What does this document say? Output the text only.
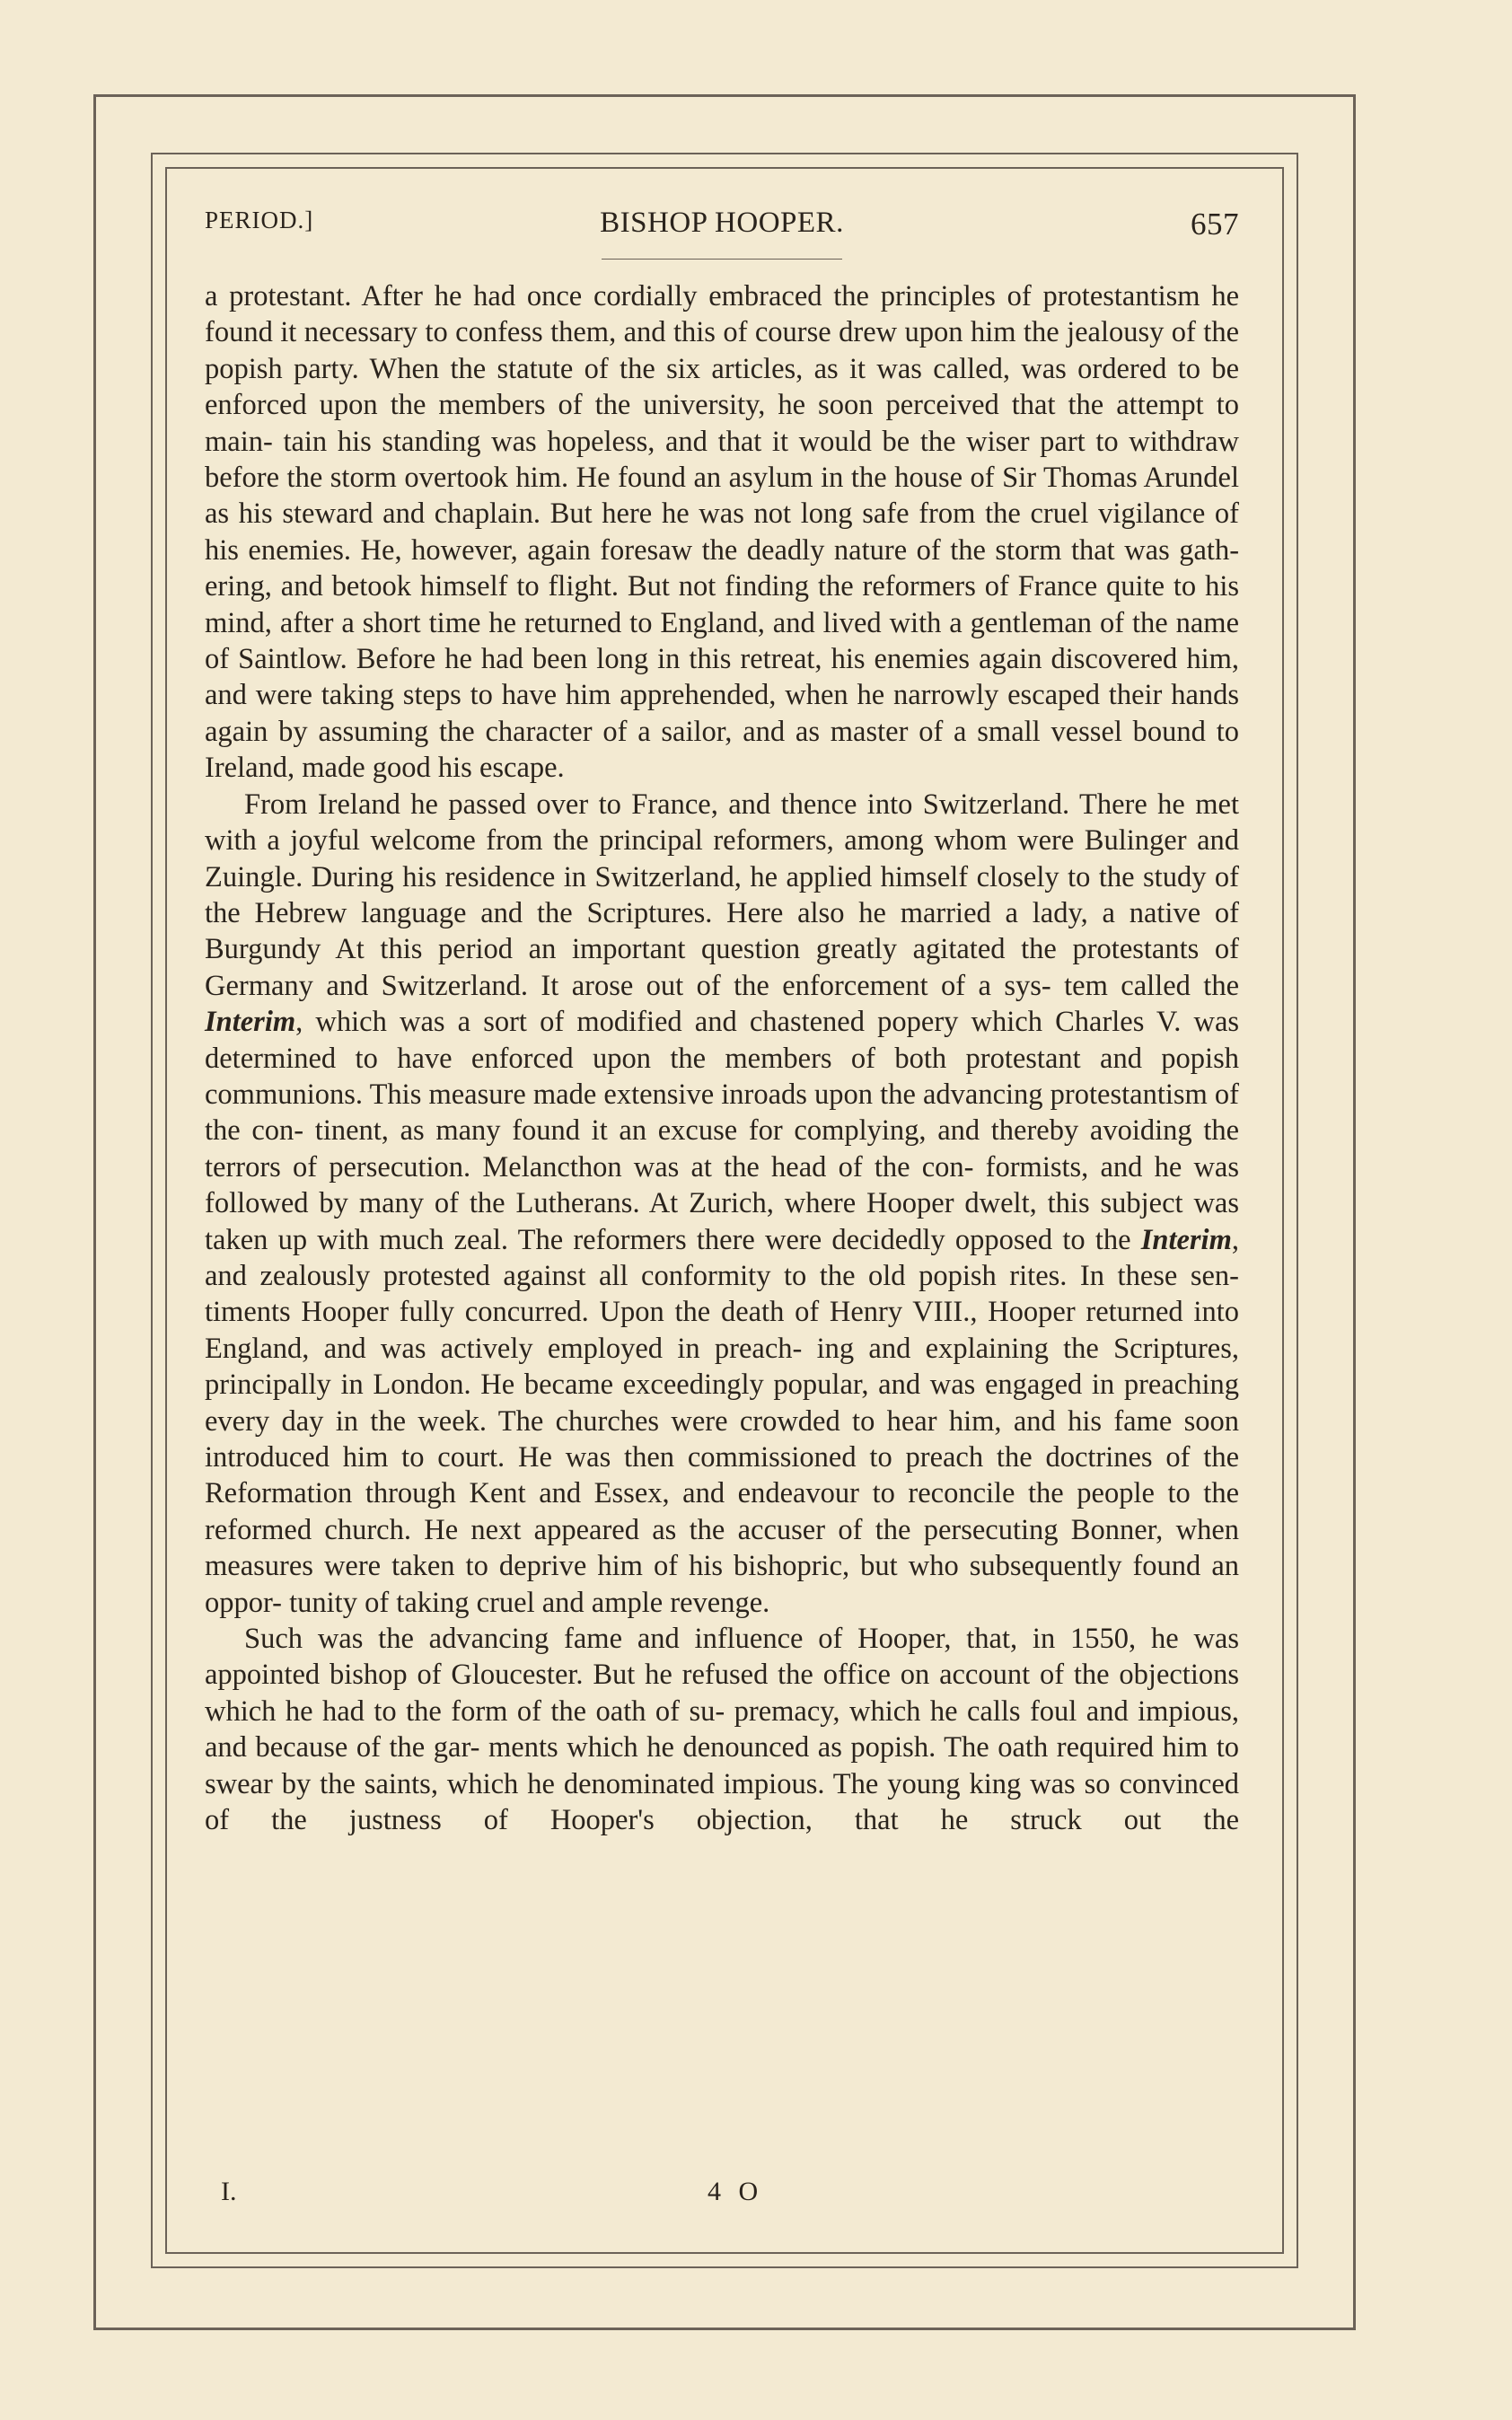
PERIOD.]	BISHOP HOOPER.	657

a protestant. After he had once cordially embraced the principles of protestantism he found it necessary to confess them, and this of course drew upon him the jealousy of the popish party. When the statute of the six articles, as it was called, was ordered to be enforced upon the members of the university, he soon perceived that the attempt to main- tain his standing was hopeless, and that it would be the wiser part to withdraw before the storm overtook him. He found an asylum in the house of Sir Thomas Arundel as his steward and chaplain. But here he was not long safe from the cruel vigilance of his enemies. He, however, again foresaw the deadly nature of the storm that was gath- ering, and betook himself to flight. But not finding the reformers of France quite to his mind, after a short time he returned to England, and lived with a gentleman of the name of Saintlow. Before he had been long in this retreat, his enemies again discovered him, and were taking steps to have him apprehended, when he narrowly escaped their hands again by assuming the character of a sailor, and as master of a small vessel bound to Ireland, made good his escape.

From Ireland he passed over to France, and thence into Switzerland. There he met with a joyful welcome from the principal reformers, among whom were Bulinger and Zuingle. During his residence in Switzerland, he applied himself closely to the study of the Hebrew language and the Scriptures. Here also he married a lady, a native of Burgundy At this period an important question greatly agitated the protestants of Germany and Switzerland. It arose out of the enforcement of a sys- tem called the Interim, which was a sort of modified and chastened popery which Charles V. was determined to have enforced upon the members of both protestant and popish communions. This measure made extensive inroads upon the advancing protestantism of the con- tinent, as many found it an excuse for complying, and thereby avoiding the terrors of persecution. Melancthon was at the head of the con- formists, and he was followed by many of the Lutherans. At Zurich, where Hooper dwelt, this subject was taken up with much zeal. The reformers there were decidedly opposed to the Interim, and zealously protested against all conformity to the old popish rites. In these sen- timents Hooper fully concurred. Upon the death of Henry VIII., Hooper returned into England, and was actively employed in preach- ing and explaining the Scriptures, principally in London. He became exceedingly popular, and was engaged in preaching every day in the week. The churches were crowded to hear him, and his fame soon introduced him to court. He was then commissioned to preach the doctrines of the Reformation through Kent and Essex, and endeavour to reconcile the people to the reformed church. He next appeared as the accuser of the persecuting Bonner, when measures were taken to deprive him of his bishopric, but who subsequently found an oppor- tunity of taking cruel and ample revenge.

Such was the advancing fame and influence of Hooper, that, in 1550, he was appointed bishop of Gloucester. But he refused the office on account of the objections which he had to the form of the oath of su- premacy, which he calls foul and impious, and because of the gar- ments which he denounced as popish. The oath required him to swear by the saints, which he denominated impious. The young king was so convinced of the justness of Hooper's objection, that he struck out the

I.	4 O
